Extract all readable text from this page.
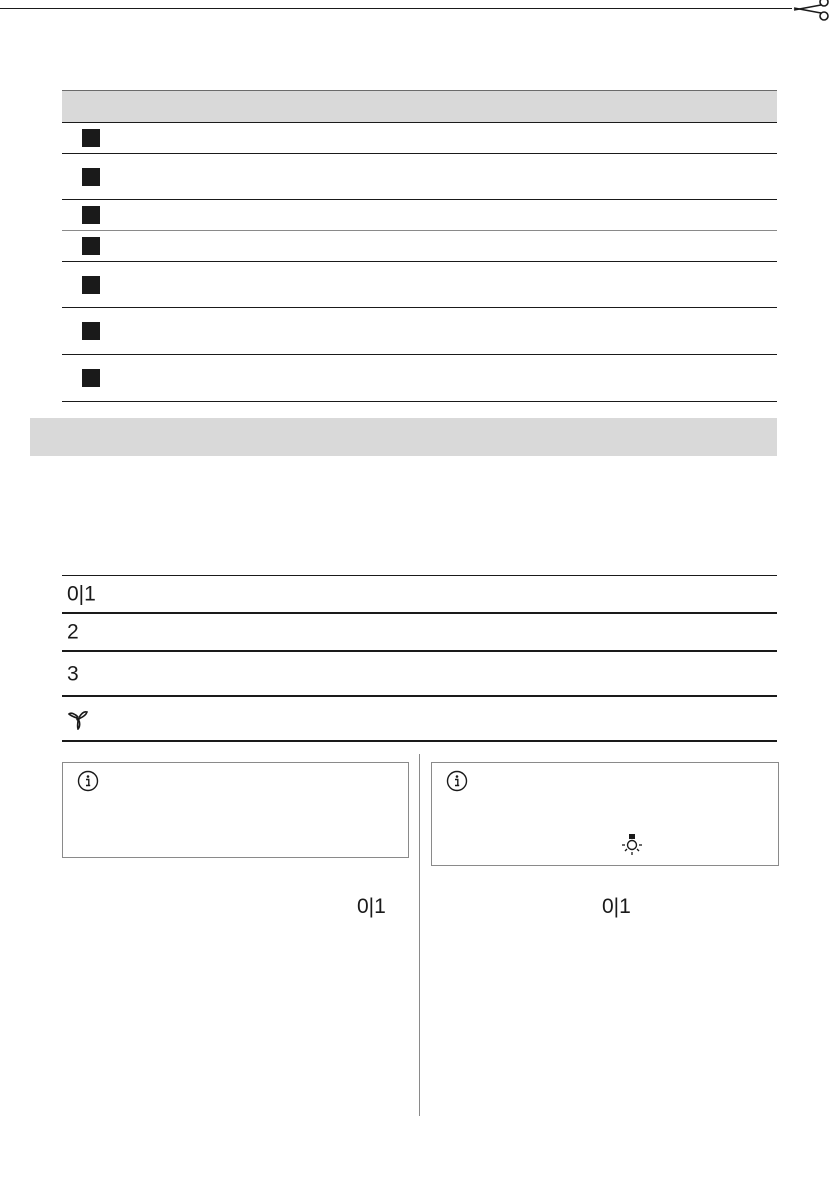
0|1
2
3
0|1	0|1
